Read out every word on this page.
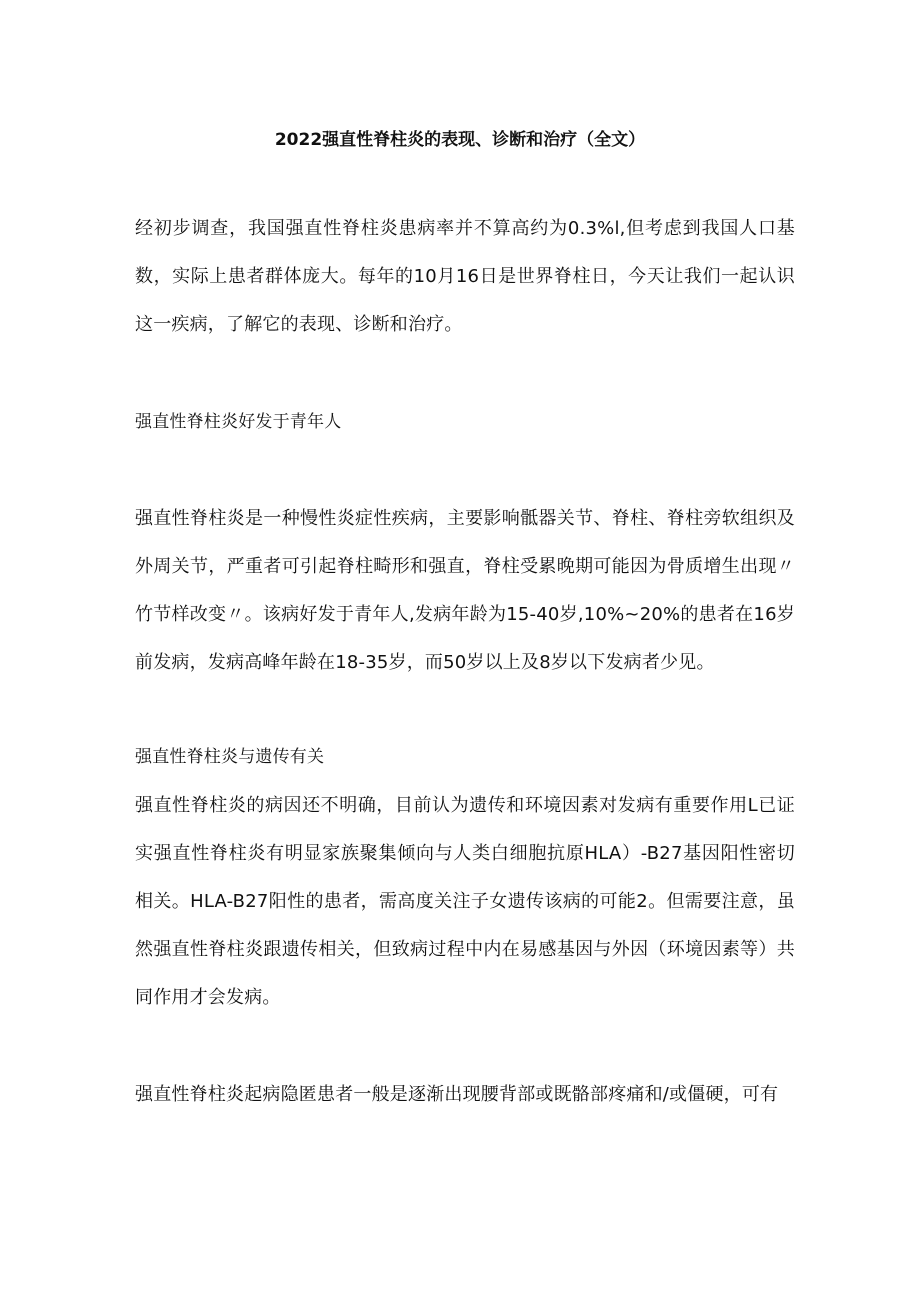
2022强直性脊柱炎的表现、诊断和治疗（全文）

经初步调查，我国强直性脊柱炎患病率并不算高约为0.3%l,但考虑到我国人口基数，实际上患者群体庞大。每年的10月16日是世界脊柱日，今天让我们一起认识这一疾病，了解它的表现、诊断和治疗。

强直性脊柱炎好发于青年人

强直性脊柱炎是一种慢性炎症性疾病，主要影响骶器关节、脊柱、脊柱旁软组织及外周关节，严重者可引起脊柱畸形和强直，脊柱受累晚期可能因为骨质增生出现〃竹节样改变〃。该病好发于青年人,发病年龄为15-40岁,10%~20%的患者在16岁前发病，发病高峰年龄在18-35岁，而50岁以上及8岁以下发病者少见。

强直性脊柱炎与遗传有关

强直性脊柱炎的病因还不明确，目前认为遗传和环境因素对发病有重要作用L已证实强直性脊柱炎有明显家族聚集倾向与人类白细胞抗原HLA）-B27基因阳性密切相关。HLA-B27阳性的患者，需高度关注子女遗传该病的可能2。但需要注意，虽然强直性脊柱炎跟遗传相关，但致病过程中内在易感基因与外因（环境因素等）共同作用才会发病。

强直性脊柱炎起病隐匿患者一般是逐渐出现腰背部或既骼部疼痛和/或僵硬，可有
